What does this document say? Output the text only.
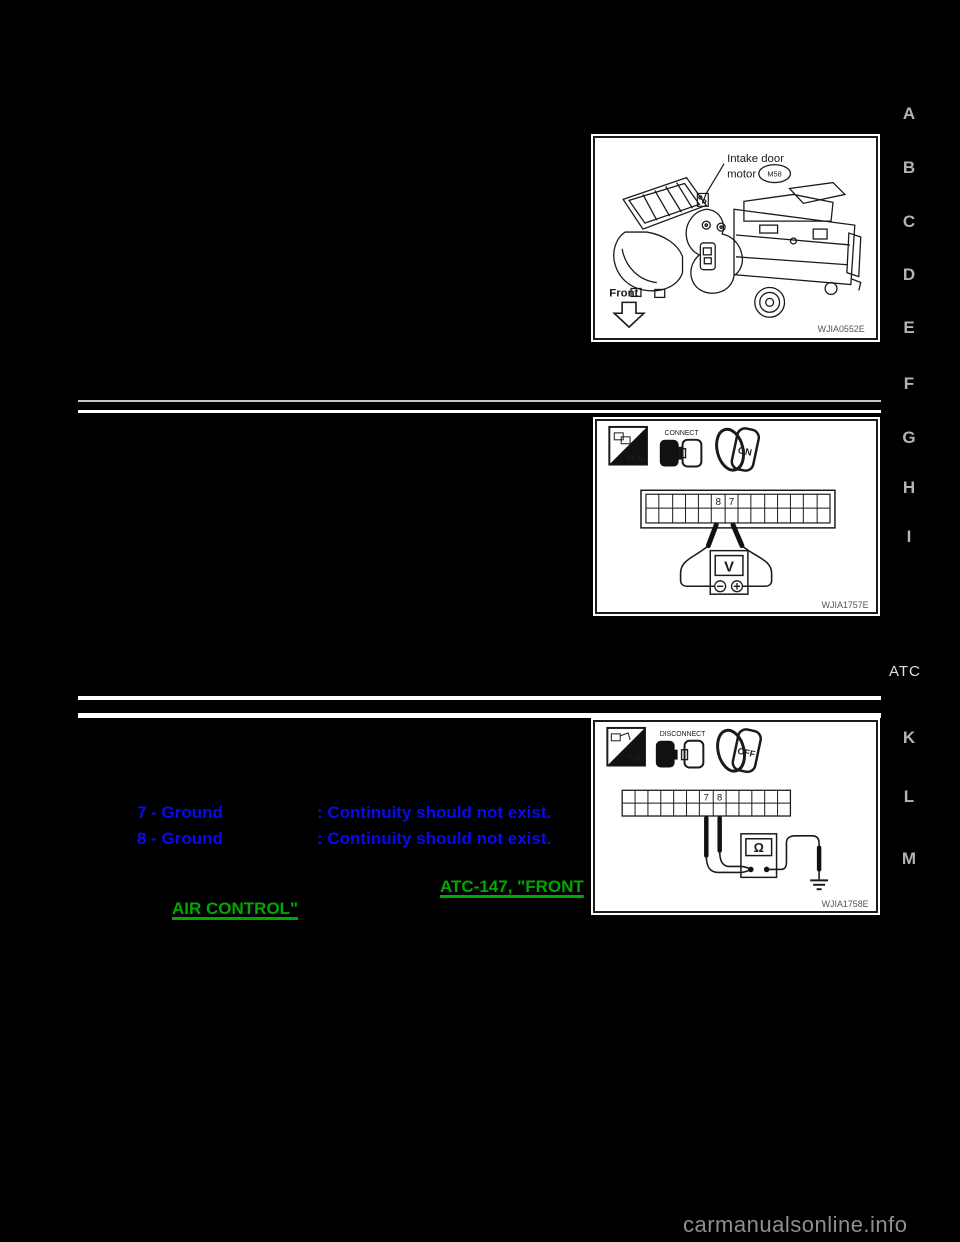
Intake door
motor M58
Front
WJIA0552E
H.S.
CONNECT
ON
8 7
V
WJIA1757E
T.S.
DISCONNECT
OFF
7 8
Ω
WJIA1758E
A
B
C
D
E
F
G
H
I
ATC
K
L
M
7 - Ground	: Continuity should not exist.
8 - Ground	: Continuity should not exist.
ATC-147, "FRONT
AIR CONTROL"
carmanualsonline.info
